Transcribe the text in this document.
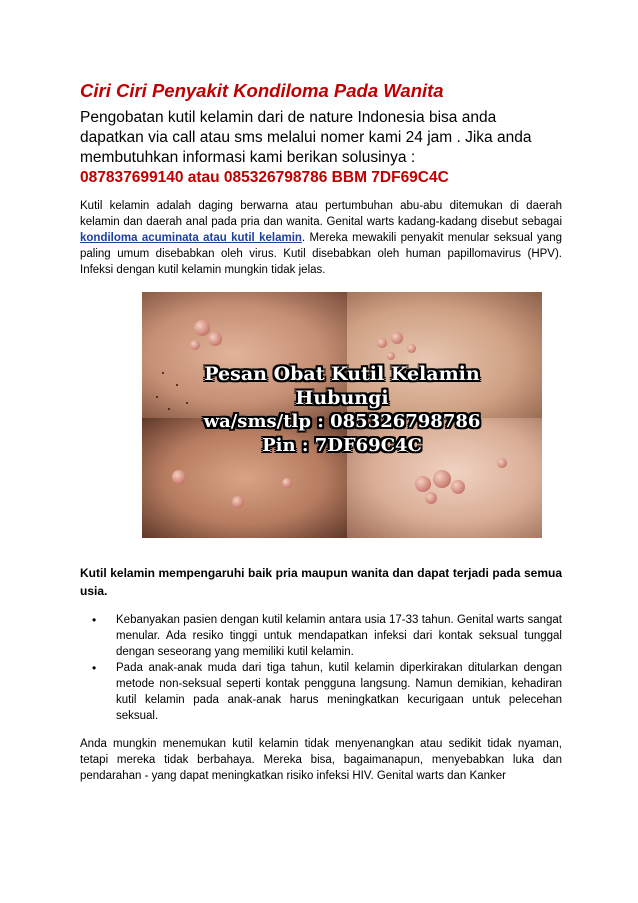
Ciri Ciri Penyakit Kondiloma Pada Wanita

Pengobatan kutil kelamin dari de nature Indonesia bisa anda dapatkan via call atau sms melalui nomer kami 24 jam . Jika anda membutuhkan informasi kami berikan solusinya :
087837699140 atau 085326798786 BBM 7DF69C4C

Kutil kelamin adalah daging berwarna atau pertumbuhan abu-abu ditemukan di daerah kelamin dan daerah anal pada pria dan wanita. Genital warts kadang-kadang disebut sebagai kondiloma acuminata atau kutil kelamin. Mereka mewakili penyakit menular seksual yang paling umum disebabkan oleh virus. Kutil disebabkan oleh human papillomavirus (HPV). Infeksi dengan kutil kelamin mungkin tidak jelas.

Pesan Obat Kutil Kelamin
Hubungi
wa/sms/tlp : 085326798786
Pin : 7DF69C4C

Kutil kelamin mempengaruhi baik pria maupun wanita dan dapat terjadi pada semua usia.

• Kebanyakan pasien dengan kutil kelamin antara usia 17-33 tahun. Genital warts sangat menular. Ada resiko tinggi untuk mendapatkan infeksi dari kontak seksual tunggal dengan seseorang yang memiliki kutil kelamin.
• Pada anak-anak muda dari tiga tahun, kutil kelamin diperkirakan ditularkan dengan metode non-seksual seperti kontak pengguna langsung. Namun demikian, kehadiran kutil kelamin pada anak-anak harus meningkatkan kecurigaan untuk pelecehan seksual.

Anda mungkin menemukan kutil kelamin tidak menyenangkan atau sedikit tidak nyaman, tetapi mereka tidak berbahaya. Mereka bisa, bagaimanapun, menyebabkan luka dan pendarahan - yang dapat meningkatkan risiko infeksi HIV. Genital warts dan Kanker
